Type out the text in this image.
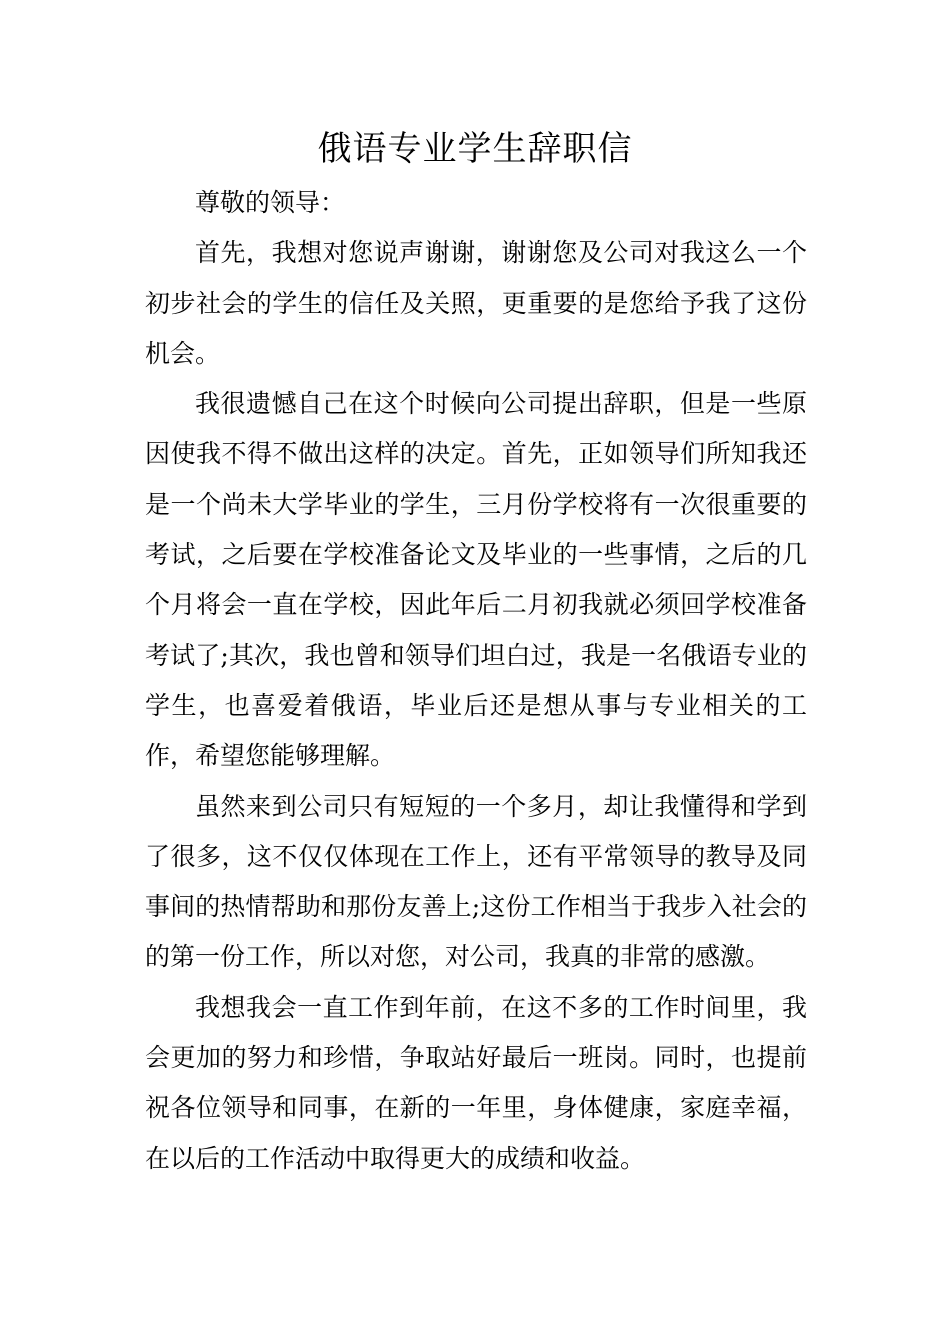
俄语专业学生辞职信

尊敬的领导：

首先，我想对您说声谢谢，谢谢您及公司对我这么一个初步社会的学生的信任及关照，更重要的是您给予我了这份机会。

我很遗憾自己在这个时候向公司提出辞职，但是一些原因使我不得不做出这样的决定。首先，正如领导们所知我还是一个尚未大学毕业的学生，三月份学校将有一次很重要的考试，之后要在学校准备论文及毕业的一些事情，之后的几个月将会一直在学校，因此年后二月初我就必须回学校准备考试了;其次，我也曾和领导们坦白过，我是一名俄语专业的学生，也喜爱着俄语，毕业后还是想从事与专业相关的工作，希望您能够理解。

虽然来到公司只有短短的一个多月，却让我懂得和学到了很多，这不仅仅体现在工作上，还有平常领导的教导及同事间的热情帮助和那份友善上;这份工作相当于我步入社会的的第一份工作，所以对您，对公司，我真的非常的感激。

我想我会一直工作到年前，在这不多的工作时间里，我会更加的努力和珍惜，争取站好最后一班岗。同时，也提前祝各位领导和同事，在新的一年里，身体健康，家庭幸福，在以后的工作活动中取得更大的成绩和收益。
